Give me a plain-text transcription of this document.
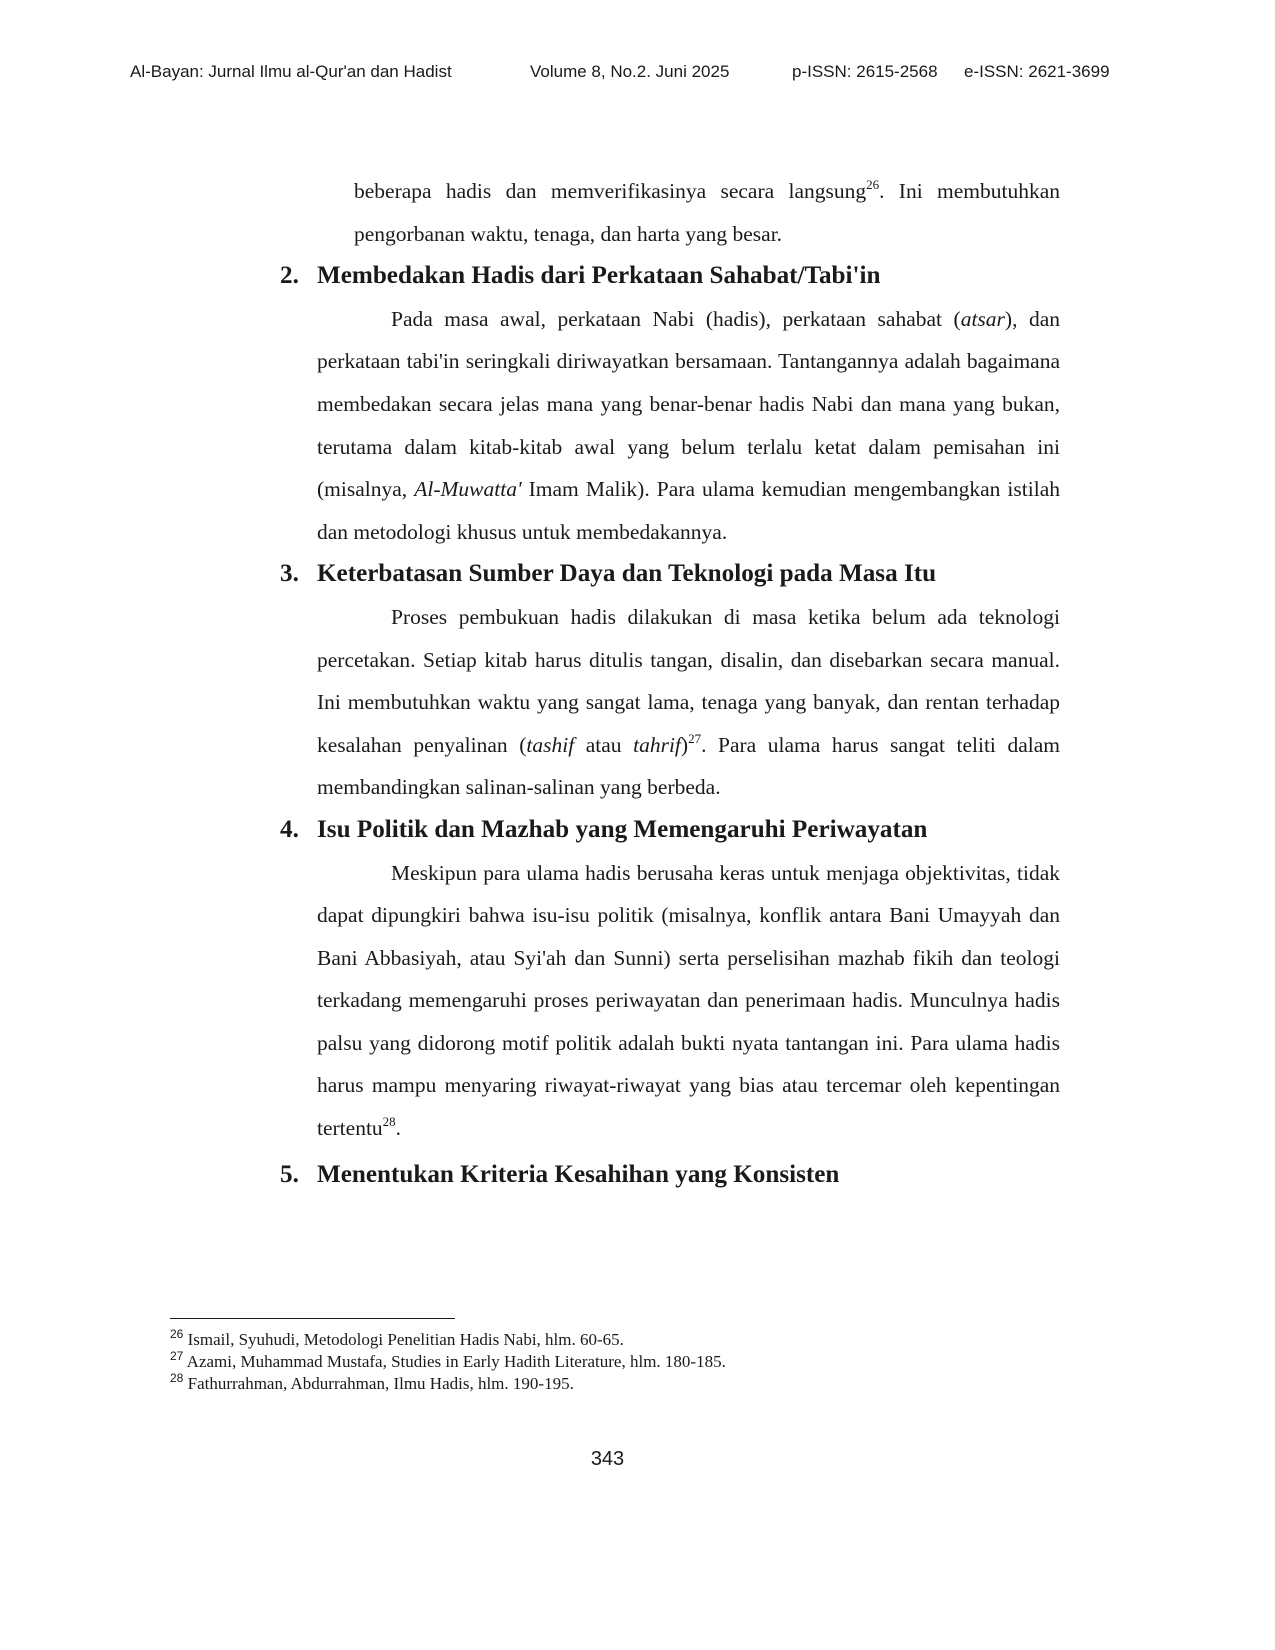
Al-Bayan: Jurnal Ilmu al-Qur'an dan Hadist	Volume 8, No.2. Juni 2025	p-ISSN: 2615-2568 e-ISSN: 2621-3699

beberapa hadis dan memverifikasinya secara langsung$^{26}$. Ini membutuhkan pengorbanan waktu, tenaga, dan harta yang besar.

2. Membedakan Hadis dari Perkataan Sahabat/Tabi'in

Pada masa awal, perkataan Nabi (hadis), perkataan sahabat (atsar), dan perkataan tabi'in seringkali diriwayatkan bersamaan. Tantangannya adalah bagaimana membedakan secara jelas mana yang benar-benar hadis Nabi dan mana yang bukan, terutama dalam kitab-kitab awal yang belum terlalu ketat dalam pemisahan ini (misalnya, Al-Muwatta' Imam Malik). Para ulama kemudian mengembangkan istilah dan metodologi khusus untuk membedakannya.

3. Keterbatasan Sumber Daya dan Teknologi pada Masa Itu

Proses pembukuan hadis dilakukan di masa ketika belum ada teknologi percetakan. Setiap kitab harus ditulis tangan, disalin, dan disebarkan secara manual. Ini membutuhkan waktu yang sangat lama, tenaga yang banyak, dan rentan terhadap kesalahan penyalinan (tashif atau tahrif)$^{27}$. Para ulama harus sangat teliti dalam membandingkan salinan-salinan yang berbeda.

4. Isu Politik dan Mazhab yang Memengaruhi Periwayatan

Meskipun para ulama hadis berusaha keras untuk menjaga objektivitas, tidak dapat dipungkiri bahwa isu-isu politik (misalnya, konflik antara Bani Umayyah dan Bani Abbasiyah, atau Syi'ah dan Sunni) serta perselisihan mazhab fikih dan teologi terkadang memengaruhi proses periwayatan dan penerimaan hadis. Munculnya hadis palsu yang didorong motif politik adalah bukti nyata tantangan ini. Para ulama hadis harus mampu menyaring riwayat-riwayat yang bias atau tercemar oleh kepentingan tertentu$^{28}$.

5. Menentukan Kriteria Kesahihan yang Konsisten

$^{26}$ Ismail, Syuhudi, Metodologi Penelitian Hadis Nabi, hlm. 60-65.

$^{27}$ Azami, Muhammad Mustafa, Studies in Early Hadith Literature, hlm. 180-185.

$^{28}$ Fathurrahman, Abdurrahman, Ilmu Hadis, hlm. 190-195.

343
